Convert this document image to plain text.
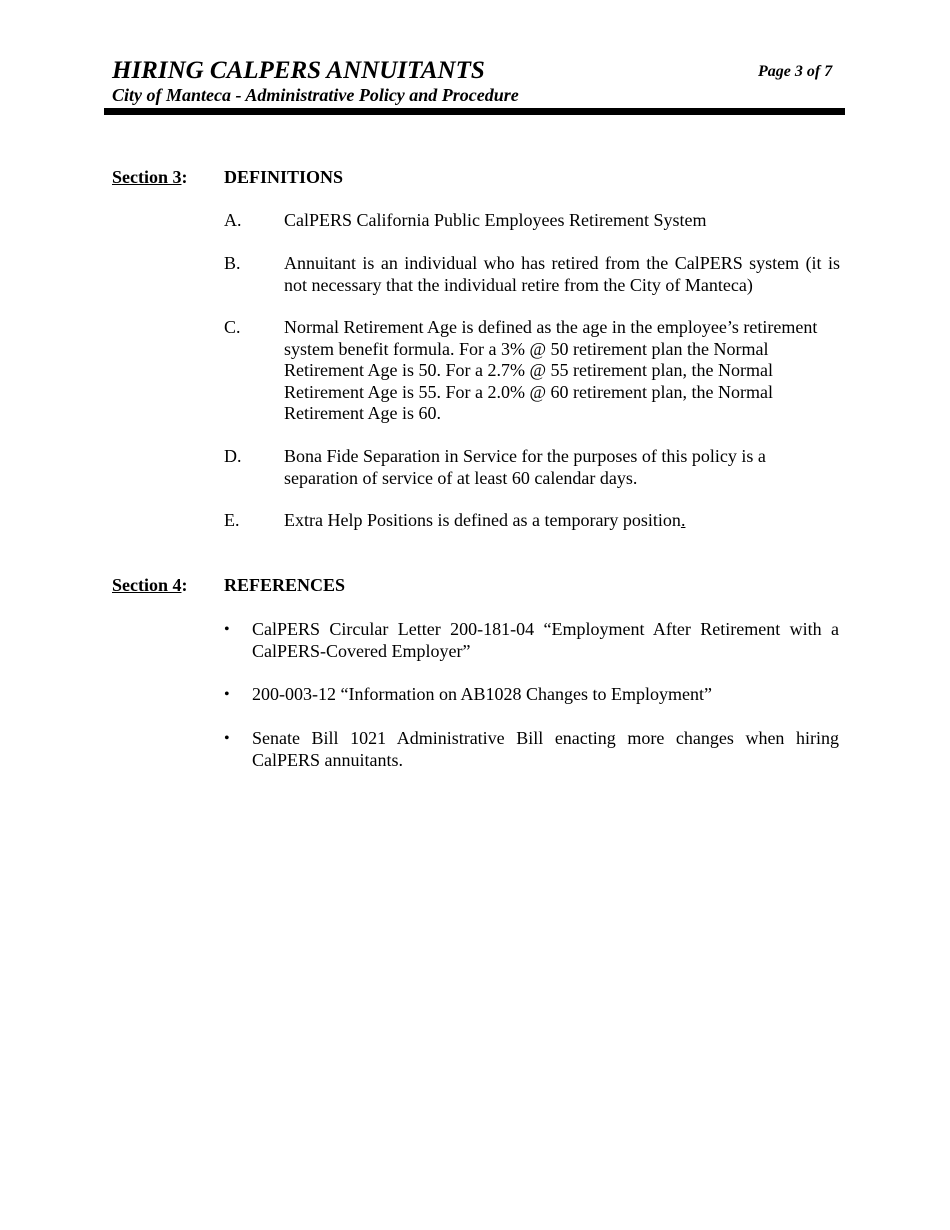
HIRING CALPERS ANNUITANTS	Page 3 of 7
City of Manteca - Administrative Policy and Procedure
Section 3: DEFINITIONS
A. CalPERS California Public Employees Retirement System
B. Annuitant is an individual who has retired from the CalPERS system (it is not necessary that the individual retire from the City of Manteca)
C. Normal Retirement Age is defined as the age in the employee’s retirement
system benefit formula. For a 3% @ 50 retirement plan the Normal
Retirement Age is 50. For a 2.7% @ 55 retirement plan, the Normal
Retirement Age is 55. For a 2.0% @ 60 retirement plan, the Normal
Retirement Age is 60.
D. Bona Fide Separation in Service for the purposes of this policy is a
separation of service of at least 60 calendar days.
E. Extra Help Positions is defined as a temporary position.
Section 4: REFERENCES
• CalPERS Circular Letter 200-181-04 “Employment After Retirement with a CalPERS-Covered Employer”
• 200-003-12 “Information on AB1028 Changes to Employment”
• Senate Bill 1021 Administrative Bill enacting more changes when hiring CalPERS annuitants.
